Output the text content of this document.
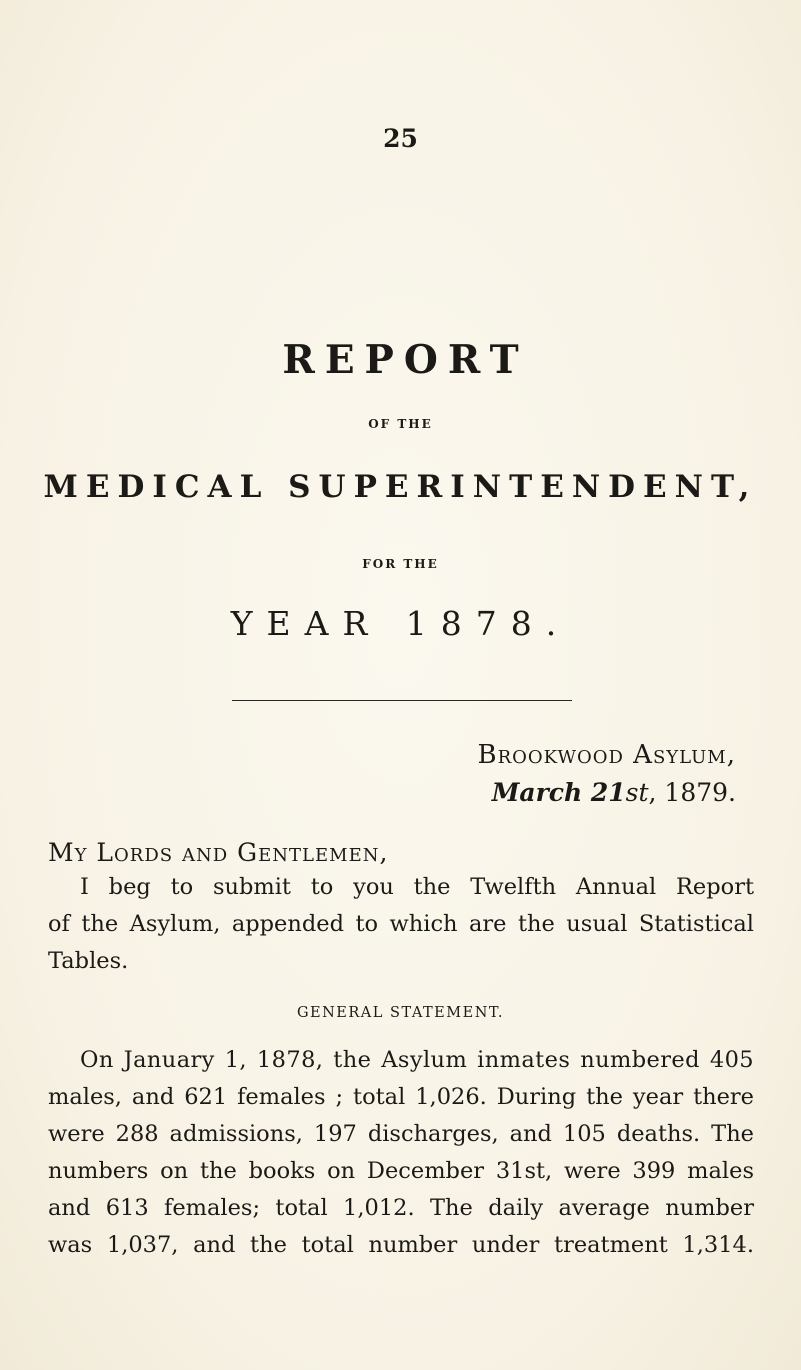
25
REPORT
OF THE
MEDICAL SUPERINTENDENT,
FOR THE
YEAR 1878.
Brookwood Asylum,
March 21st, 1879.
My Lords and Gentlemen,
I beg to submit to you the Twelfth Annual Report
of the Asylum, appended to which are the usual Statistical
Tables.
GENERAL STATEMENT.
On January 1, 1878, the Asylum inmates numbered 405
males, and 621 females ; total 1,026. During the year there
were 288 admissions, 197 discharges, and 105 deaths. The
numbers on the books on December 31st, were 399 males
and 613 females; total 1,012. The daily average number
was 1,037, and the total number under treatment 1,314.
